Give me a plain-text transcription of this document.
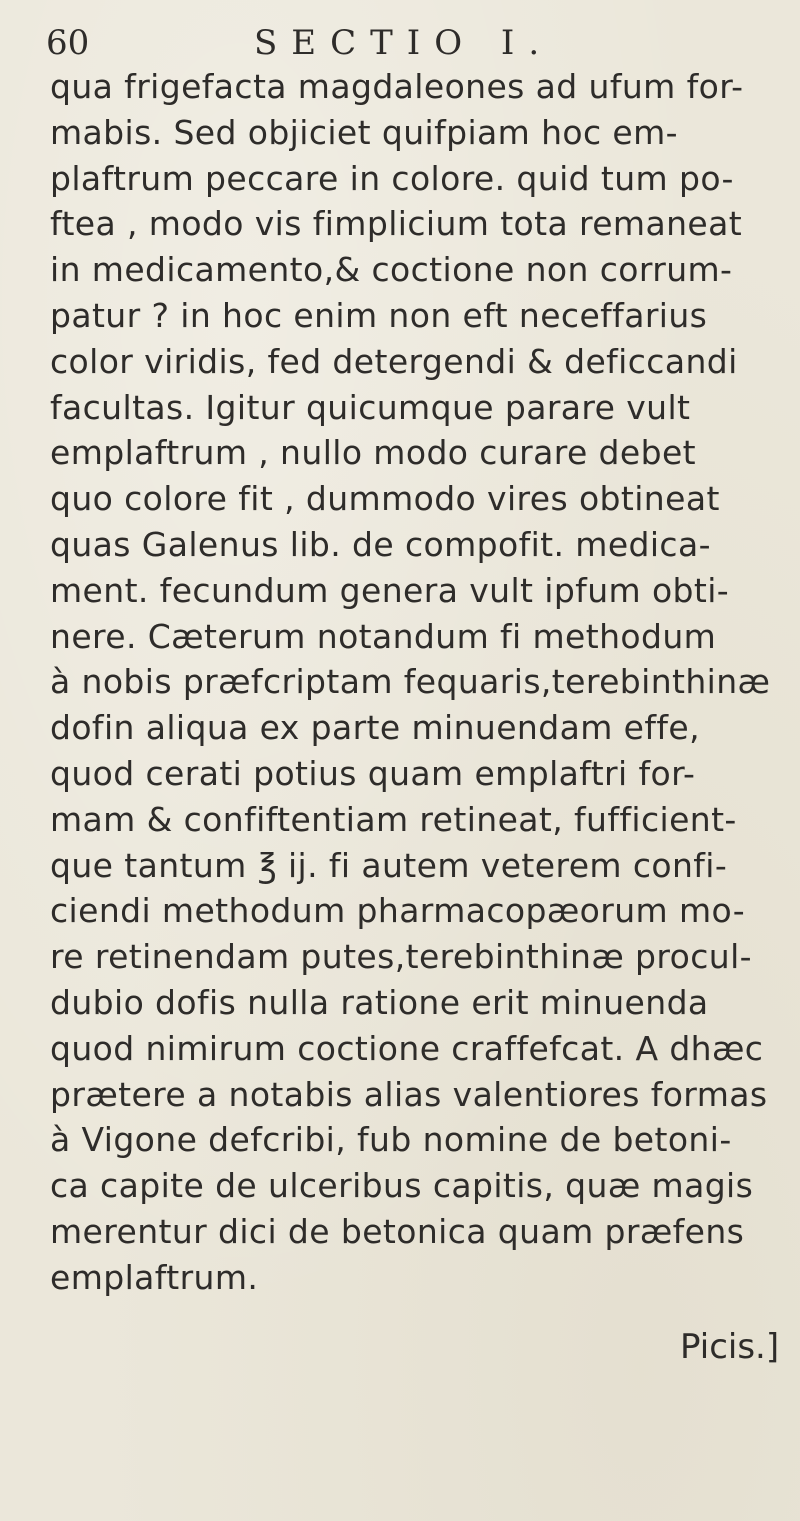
60	SECTIO I.
qua frigefacta magdaleones ad ufum for-
mabis. Sed objiciet quifpiam hoc em-
plaftrum peccare in colore. quid tum po-
ftea , modo vis fimplicium tota remaneat
in medicamento,& coctione non corrum-
patur ? in hoc enim non eft neceffarius
color viridis, fed detergendi & deficcandi
facultas. Igitur quicumque parare vult
emplaftrum , nullo modo curare debet
quo colore fit , dummodo vires obtineat
quas Galenus lib. de compofit. medica-
ment. fecundum genera vult ipfum obti-
nere. Cæterum notandum fi methodum
à nobis præfcriptam fequaris,terebinthinæ
dofin aliqua ex parte minuendam effe,
quod cerati potius quam emplaftri for-
mam & confiftentiam retineat, fufficient-
que tantum ℥ ij. fi autem veterem confi-
ciendi methodum pharmacopæorum mo-
re retinendam putes,terebinthinæ procul-
dubio dofis nulla ratione erit minuenda
quod nimirum coctione craffefcat. A dhæc
prætere a notabis alias valentiores formas
à Vigone defcribi, fub nomine de betoni-
ca capite de ulceribus capitis, quæ magis
merentur dici de betonica quam præfens
emplaftrum.
Picis.]
